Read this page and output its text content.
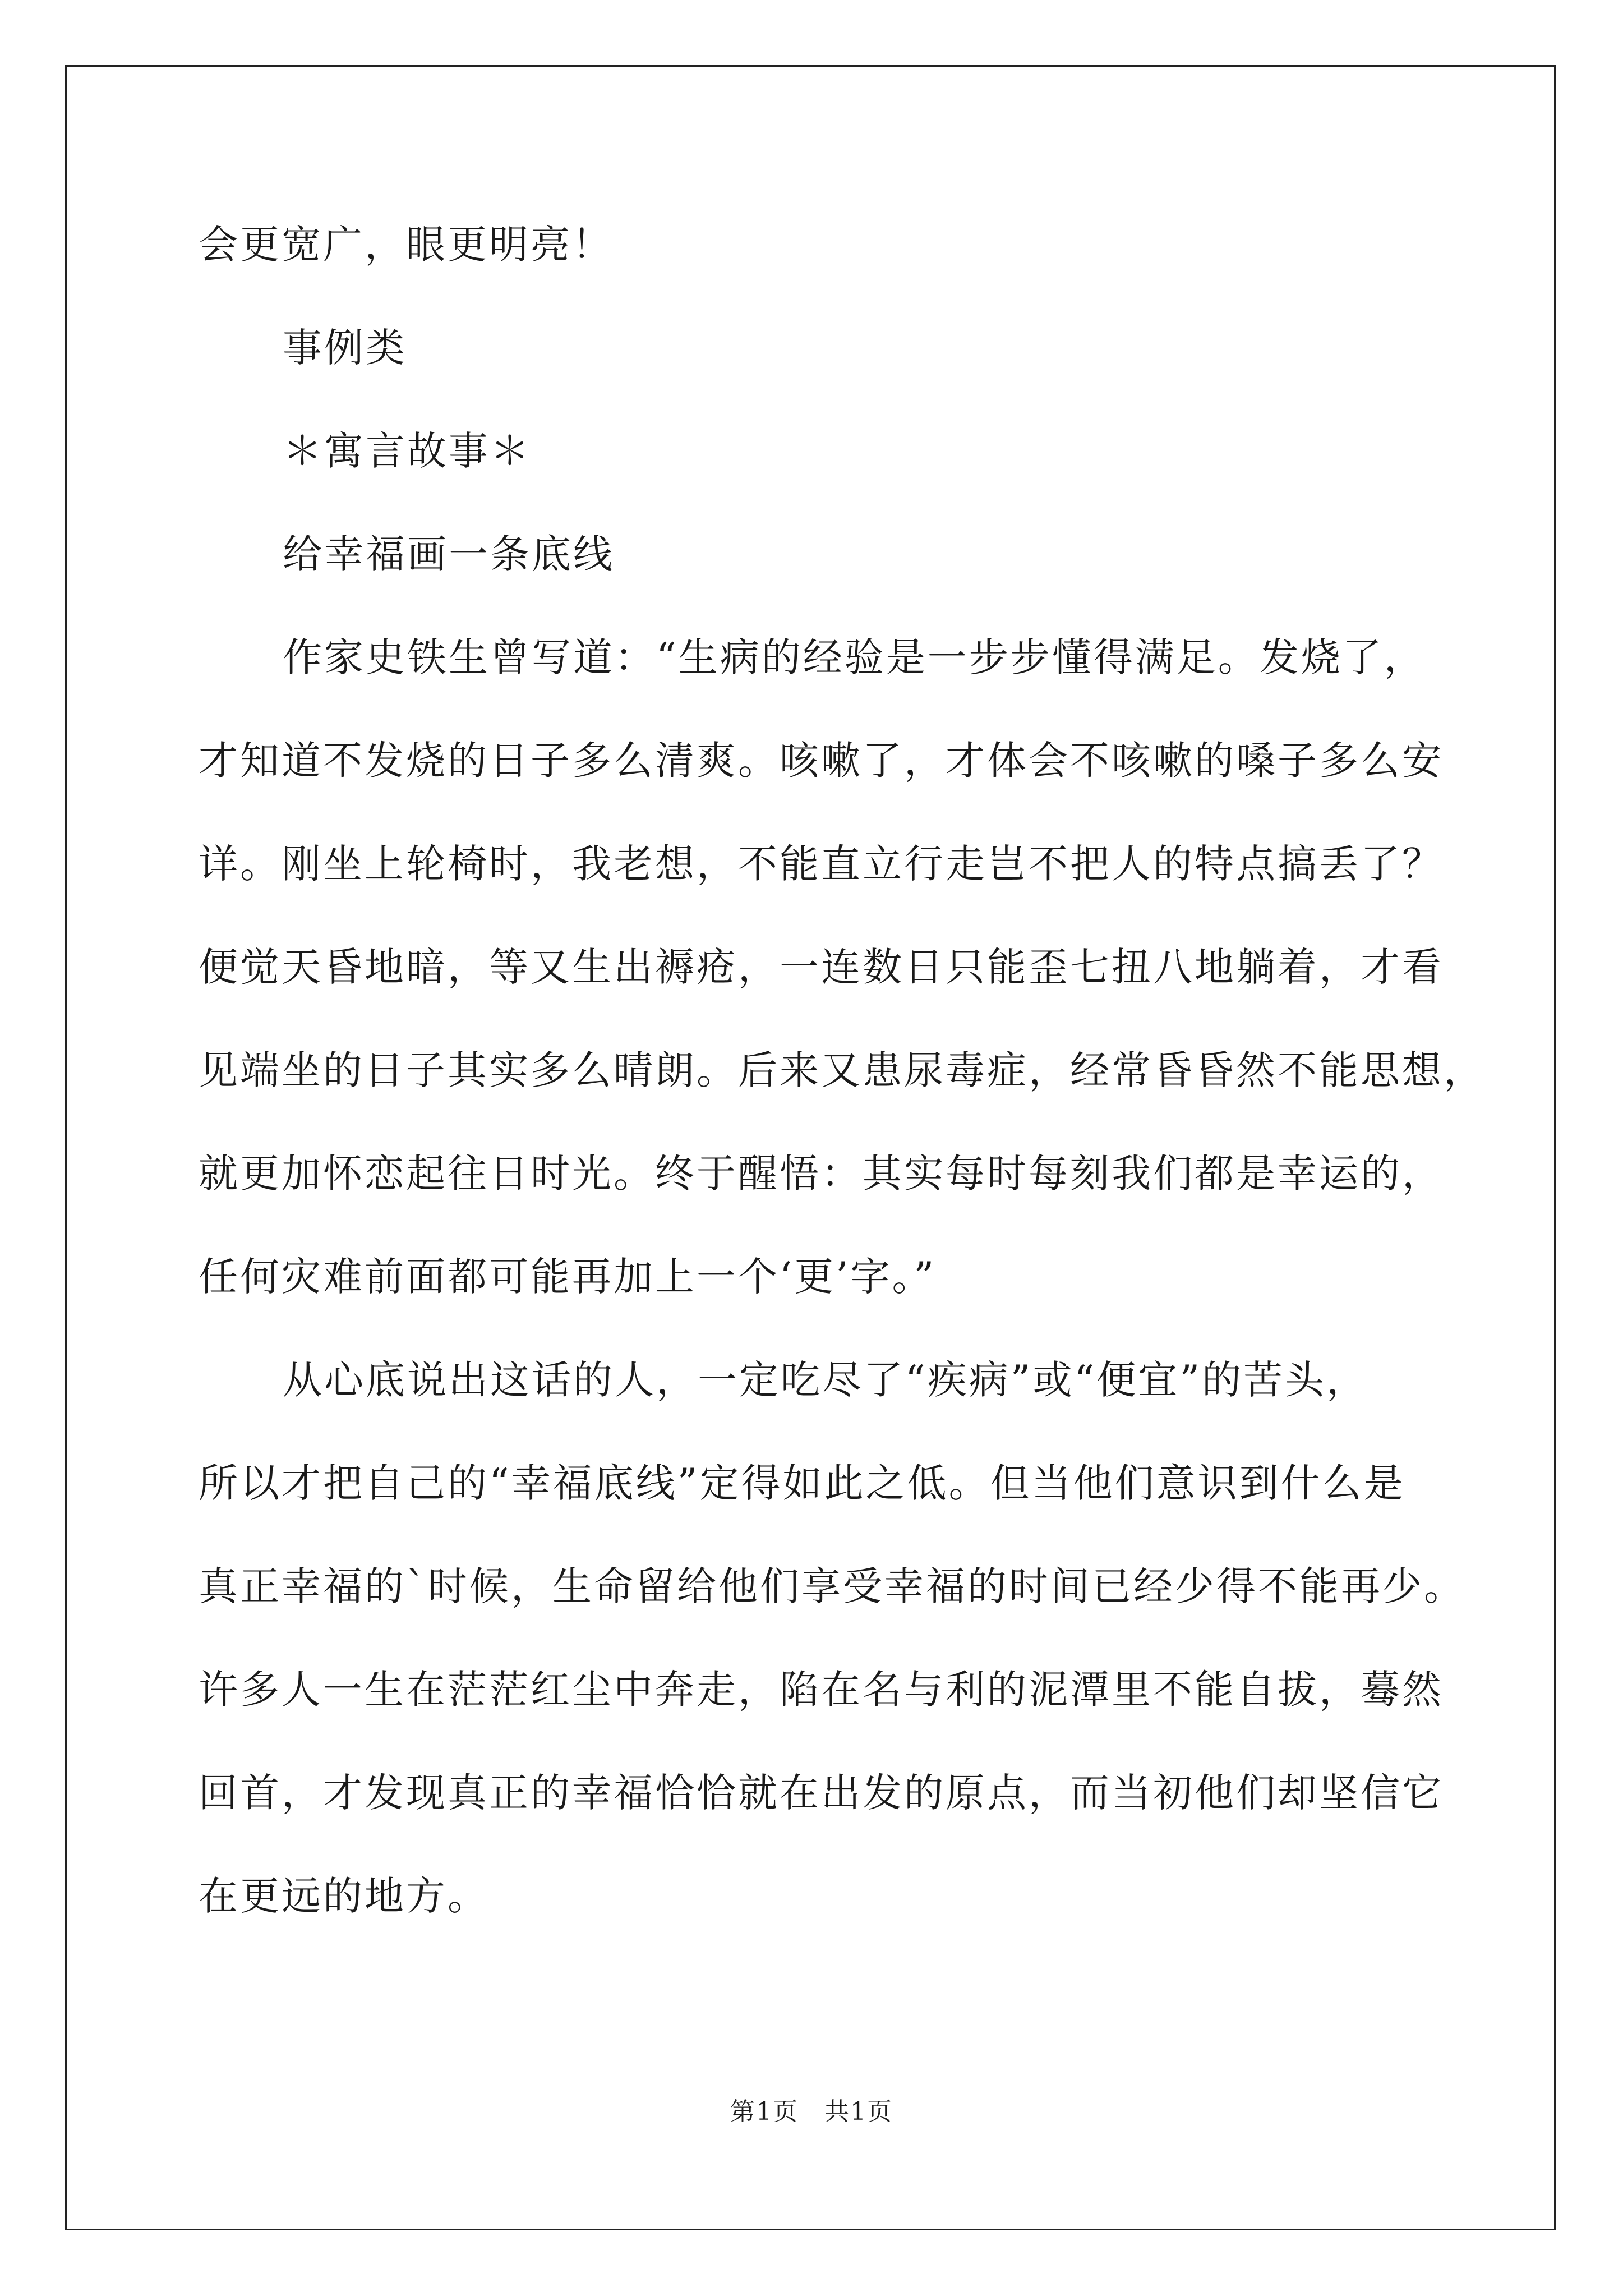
会更宽广，眼更明亮！
事例类
＊寓言故事＊
给幸福画一条底线
作家史铁生曾写道：“生病的经验是一步步懂得满足。发烧了，
才知道不发烧的日子多么清爽。咳嗽了，才体会不咳嗽的嗓子多么安
详。刚坐上轮椅时，我老想，不能直立行走岂不把人的特点搞丢了？
便觉天昏地暗，等又生出褥疮，一连数日只能歪七扭八地躺着，才看
见端坐的日子其实多么晴朗。后来又患尿毒症，经常昏昏然不能思想，
就更加怀恋起往日时光。终于醒悟：其实每时每刻我们都是幸运的，
任何灾难前面都可能再加上一个‘更’字。”
从心底说出这话的人，一定吃尽了“疾病”或“便宜”的苦头，
所以才把自己的“幸福底线”定得如此之低。但当他们意识到什么是
真正幸福的`时候，生命留给他们享受幸福的时间已经少得不能再少。
许多人一生在茫茫红尘中奔走，陷在名与利的泥潭里不能自拔，蓦然
回首，才发现真正的幸福恰恰就在出发的原点，而当初他们却坚信它
在更远的地方。
第1页　共1页
